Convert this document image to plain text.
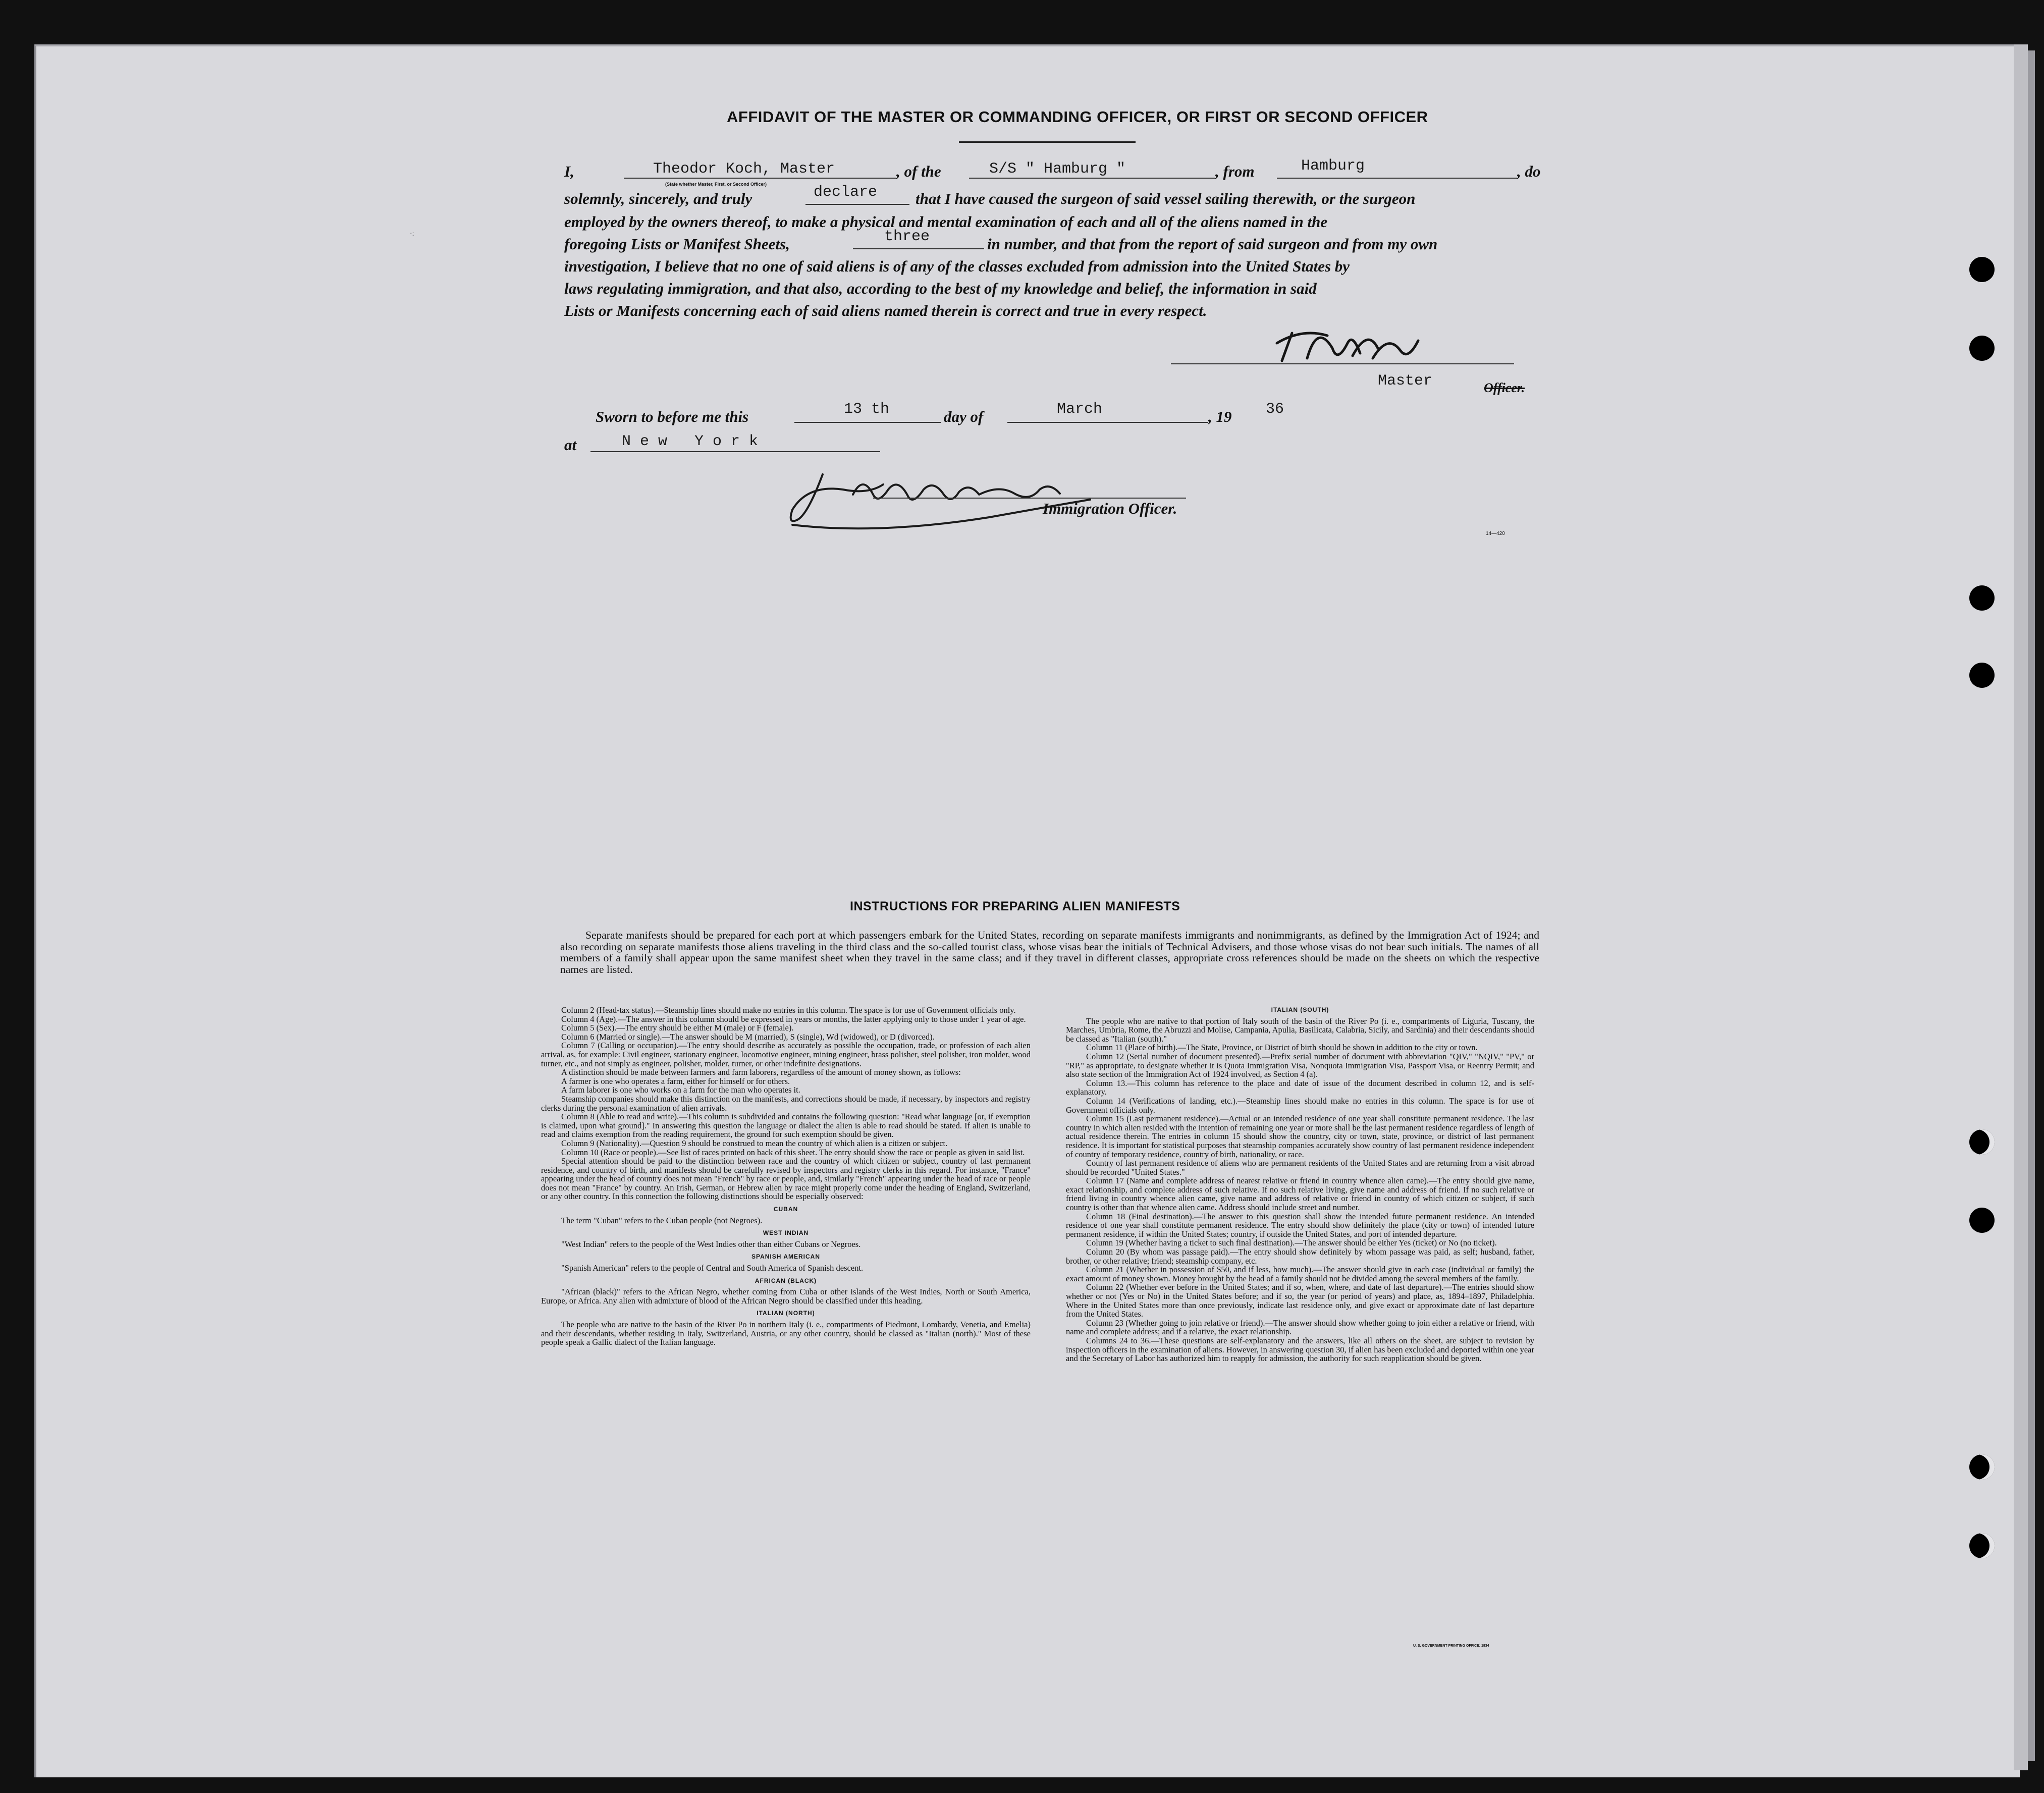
·:
AFFIDAVIT OF THE MASTER OR COMMANDING OFFICER, OR FIRST OR SECOND OFFICER
I,	Theodor Koch, Master
(State whether Master, First, or Second Officer)
, of the	S/S " Hamburg "	, from	Hamburg	, do
solemnly, sincerely, and truly	declare that I have caused the surgeon of said vessel sailing therewith, or the surgeon
employed by the owners thereof, to make a physical and mental examination of each and all of the aliens named in the
foregoing Lists or Manifest Sheets,	three	in number, and that from the report of said surgeon and from my own
investigation, I believe that no one of said aliens is of any of the classes excluded from admission into the United States by
laws regulating immigration, and that also, according to the best of my knowledge and belief, the information in said
Lists or Manifests concerning each of said aliens named therein is correct and true in every respect.
Master	Officer.
Sworn to before me this	13 th	day of	March	, 19 36
at	N e w   Y o r k
Immigration Officer.
14—420
INSTRUCTIONS FOR PREPARING ALIEN MANIFESTS

Separate manifests should be prepared for each port at which passengers embark for the United States, recording on separate manifests immigrants and nonimmigrants, as defined by the Immigration Act of 1924; and also recording on separate manifests those aliens traveling in the third class and the so-called tourist class, whose visas bear the initials of Technical Advisers, and those whose visas do not bear such initials. The names of all members of a family shall appear upon the same manifest sheet when they travel in the same class; and if they travel in different classes, appropriate cross references should be made on the sheets on which the respective names are listed.

Column 2 (Head-tax status).—Steamship lines should make no entries in this column. The space is for use of Government officials only.

Column 4 (Age).—The answer in this column should be expressed in years or months, the latter applying only to those under 1 year of age.

Column 5 (Sex).—The entry should be either M (male) or F (female).

Column 6 (Married or single).—The answer should be M (married), S (single), Wd (widowed), or D (divorced).

Column 7 (Calling or occupation).—The entry should describe as accurately as possible the occupation, trade, or profession of each alien arrival, as, for example: Civil engineer, stationary engineer, locomotive engineer, mining engineer, brass polisher, steel polisher, iron molder, wood turner, etc., and not simply as engineer, polisher, molder, turner, or other indefinite designations.

A distinction should be made between farmers and farm laborers, regardless of the amount of money shown, as follows:

A farmer is one who operates a farm, either for himself or for others.

A farm laborer is one who works on a farm for the man who operates it.

Steamship companies should make this distinction on the manifests, and corrections should be made, if necessary, by inspectors and registry clerks during the personal examination of alien arrivals.

Column 8 (Able to read and write).—This column is subdivided and contains the following question: "Read what language [or, if exemption is claimed, upon what ground]." In answering this question the language or dialect the alien is able to read should be stated. If alien is unable to read and claims exemption from the reading requirement, the ground for such exemption should be given.

Column 9 (Nationality).—Question 9 should be construed to mean the country of which alien is a citizen or subject.

Column 10 (Race or people).—See list of races printed on back of this sheet. The entry should show the race or people as given in said list.

Special attention should be paid to the distinction between race and the country of which citizen or subject, country of last permanent residence, and country of birth, and manifests should be carefully revised by inspectors and registry clerks in this regard. For instance, "France" appearing under the head of country does not mean "French" by race or people, and, similarly "French" appearing under the head of race or people does not mean "France" by country. An Irish, German, or Hebrew alien by race might properly come under the heading of England, Switzerland, or any other country. In this connection the following distinctions should be especially observed:

CUBAN

The term "Cuban" refers to the Cuban people (not Negroes).

WEST INDIAN

"West Indian" refers to the people of the West Indies other than either Cubans or Negroes.

SPANISH AMERICAN

"Spanish American" refers to the people of Central and South America of Spanish descent.

AFRICAN (BLACK)

"African (black)" refers to the African Negro, whether coming from Cuba or other islands of the West Indies, North or South America, Europe, or Africa. Any alien with admixture of blood of the African Negro should be classified under this heading.

ITALIAN (NORTH)

The people who are native to the basin of the River Po in northern Italy (i. e., compartments of Piedmont, Lombardy, Venetia, and Emelia) and their descendants, whether residing in Italy, Switzerland, Austria, or any other country, should be classed as "Italian (north)." Most of these people speak a Gallic dialect of the Italian language.

ITALIAN (SOUTH)

The people who are native to that portion of Italy south of the basin of the River Po (i. e., compartments of Liguria, Tuscany, the Marches, Umbria, Rome, the Abruzzi and Molise, Campania, Apulia, Basilicata, Calabria, Sicily, and Sardinia) and their descendants should be classed as "Italian (south)."

Column 11 (Place of birth).—The State, Province, or District of birth should be shown in addition to the city or town.

Column 12 (Serial number of document presented).—Prefix serial number of document with abbreviation "QIV," "NQIV," "PV," or "RP," as appropriate, to designate whether it is Quota Immigration Visa, Nonquota Immigration Visa, Passport Visa, or Reentry Permit; and also state section of the Immigration Act of 1924 involved, as Section 4 (a).

Column 13.—This column has reference to the place and date of issue of the document described in column 12, and is self-explanatory.

Column 14 (Verifications of landing, etc.).—Steamship lines should make no entries in this column. The space is for use of Government officials only.

Column 15 (Last permanent residence).—Actual or an intended residence of one year shall constitute permanent residence. The last country in which alien resided with the intention of remaining one year or more shall be the last permanent residence regardless of length of actual residence therein. The entries in column 15 should show the country, city or town, state, province, or district of last permanent residence. It is important for statistical purposes that steamship companies accurately show country of last permanent residence independent of country of temporary residence, country of birth, nationality, or race.

Country of last permanent residence of aliens who are permanent residents of the United States and are returning from a visit abroad should be recorded "United States."

Column 17 (Name and complete address of nearest relative or friend in country whence alien came).—The entry should give name, exact relationship, and complete address of such relative. If no such relative living, give name and address of friend. If no such relative or friend living in country whence alien came, give name and address of relative or friend in country of which citizen or subject, if such country is other than that whence alien came. Address should include street and number.

Column 18 (Final destination).—The answer to this question shall show the intended future permanent residence. An intended residence of one year shall constitute permanent residence. The entry should show definitely the place (city or town) of intended future permanent residence, if within the United States; country, if outside the United States, and port of intended departure.

Column 19 (Whether having a ticket to such final destination).—The answer should be either Yes (ticket) or No (no ticket).

Column 20 (By whom was passage paid).—The entry should show definitely by whom passage was paid, as self; husband, father, brother, or other relative; friend; steamship company, etc.

Column 21 (Whether in possession of $50, and if less, how much).—The answer should give in each case (individual or family) the exact amount of money shown. Money brought by the head of a family should not be divided among the several members of the family.

Column 22 (Whether ever before in the United States; and if so, when, where, and date of last departure).—The entries should show whether or not (Yes or No) in the United States before; and if so, the year (or period of years) and place, as, 1894–1897, Philadelphia. Where in the United States more than once previously, indicate last residence only, and give exact or approximate date of last departure from the United States.

Column 23 (Whether going to join relative or friend).—The answer should show whether going to join either a relative or friend, with name and complete address; and if a relative, the exact relationship.

Columns 24 to 36.—These questions are self-explanatory and the answers, like all others on the sheet, are subject to revision by inspection officers in the examination of aliens. However, in answering question 30, if alien has been excluded and deported within one year and the Secretary of Labor has authorized him to reapply for admission, the authority for such reapplication should be given.

U. S. GOVERNMENT PRINTING OFFICE: 1934
